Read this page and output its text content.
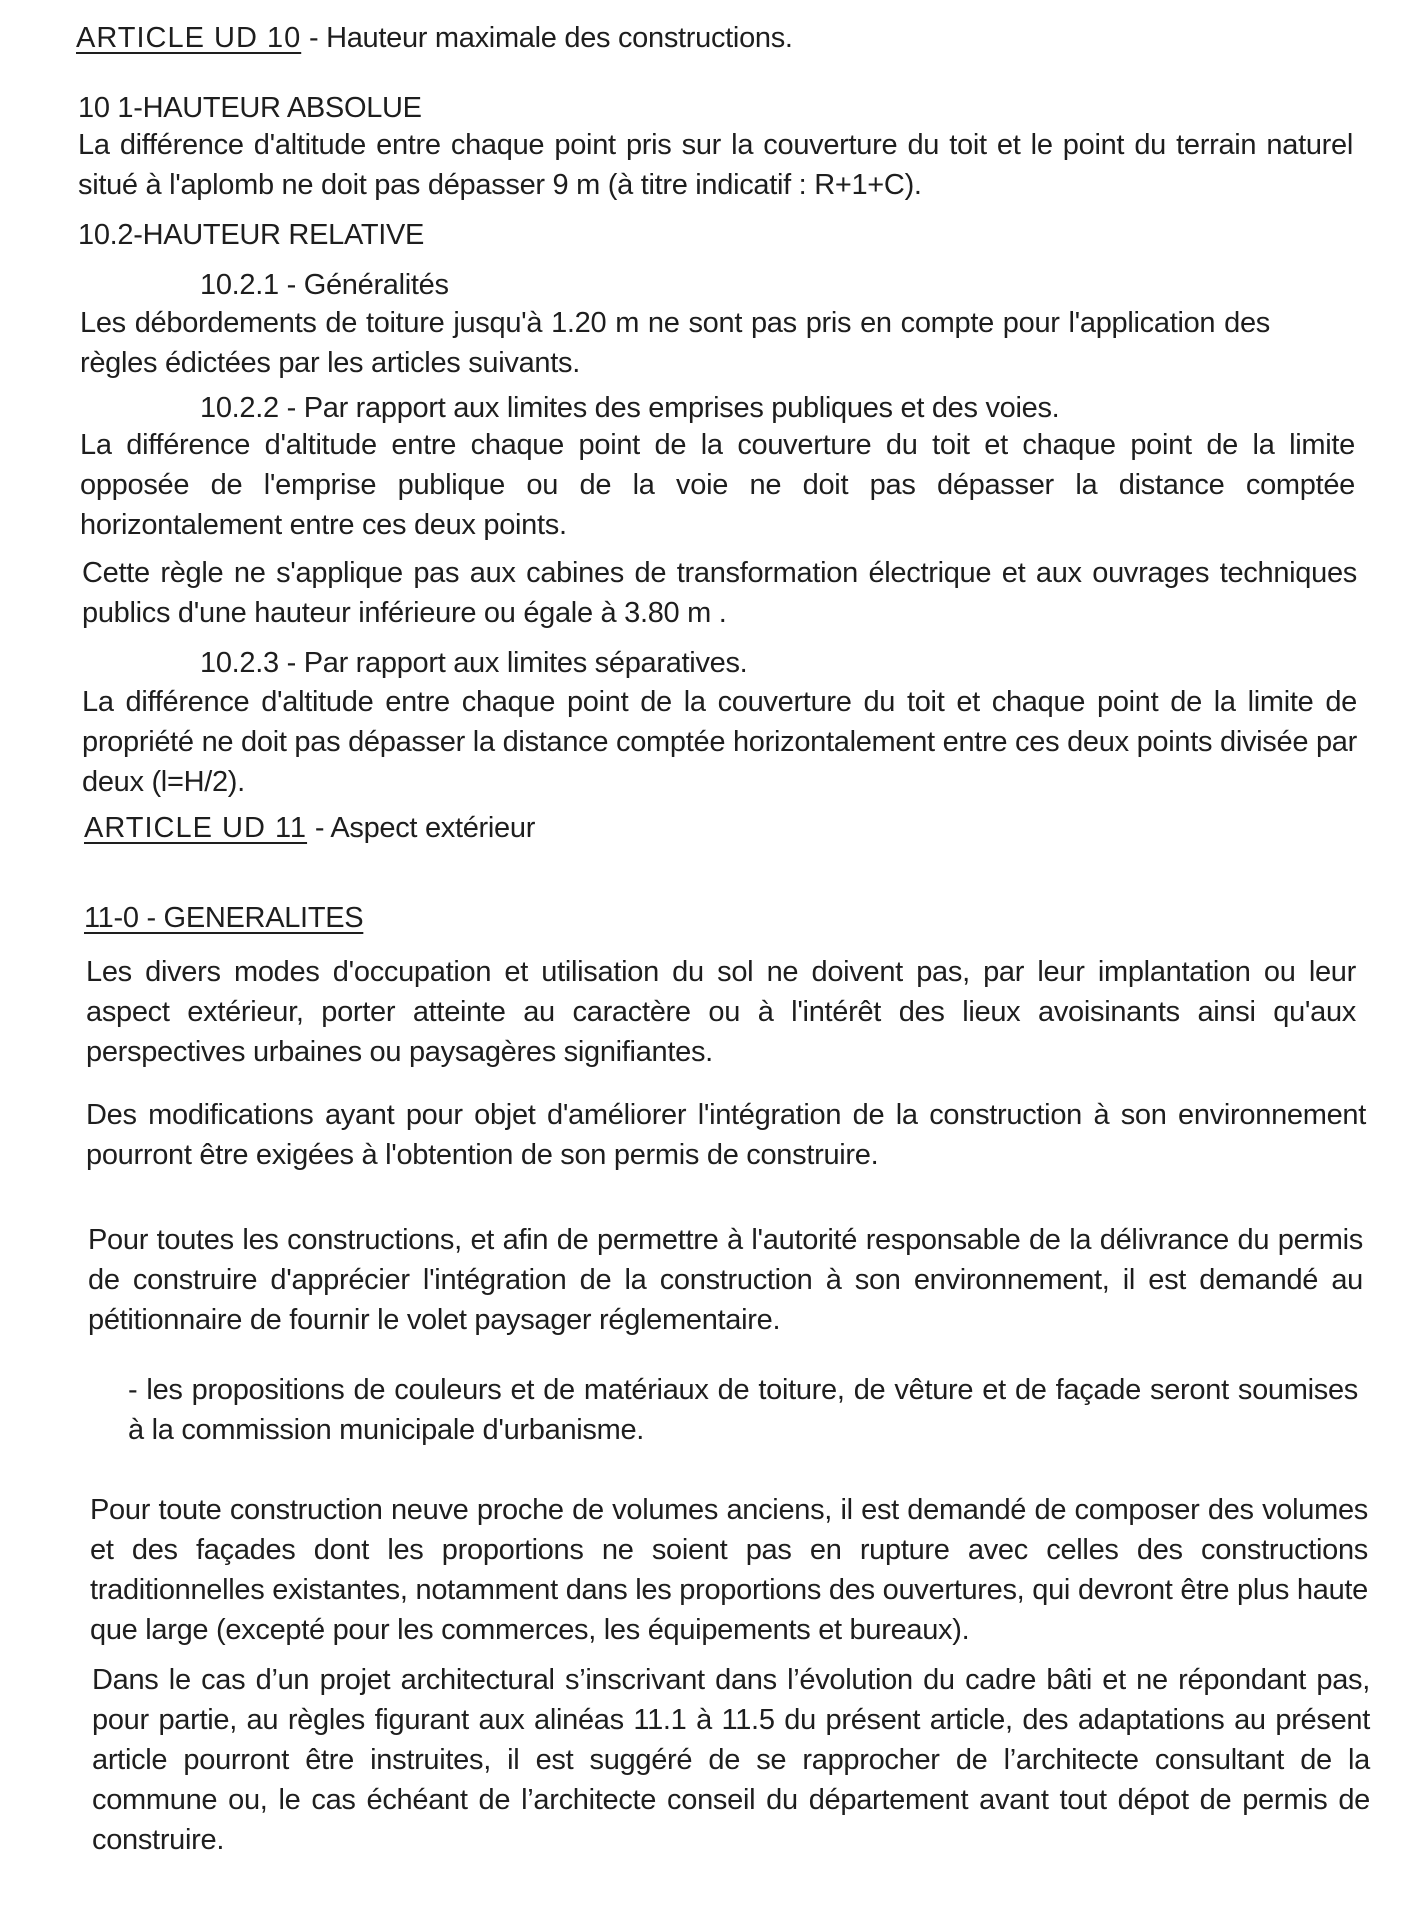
ARTICLE UD 10 - Hauteur maximale des constructions.
10 1-HAUTEUR ABSOLUE

La différence d'altitude entre chaque point pris sur la couverture du toit et le point du terrain naturel situé à l'aplomb ne doit pas dépasser 9 m (à titre indicatif : R+1+C).

10.2-HAUTEUR RELATIVE
10.2.1 - Généralités

Les débordements de toiture jusqu'à 1.20 m ne sont pas pris en compte pour l'application des règles édictées par les articles suivants.

10.2.2 - Par rapport aux limites des emprises publiques et des voies.

La différence d'altitude entre chaque point de la couverture du toit et chaque point de la limite opposée de l'emprise publique ou de la voie ne doit pas dépasser la distance comptée horizontalement entre ces deux points.

Cette règle ne s'applique pas aux cabines de transformation électrique et aux ouvrages techniques publics d'une hauteur inférieure ou égale à 3.80 m .

10.2.3 - Par rapport aux limites séparatives.

La différence d'altitude entre chaque point de la couverture du toit et chaque point de la limite de propriété ne doit pas dépasser la distance comptée horizontalement entre ces deux points divisée par deux (l=H/2).

ARTICLE UD 11 - Aspect extérieur
11-0 - GENERALITES

Les divers modes d'occupation et utilisation du sol ne doivent pas, par leur implantation ou leur aspect extérieur, porter atteinte au caractère ou à l'intérêt des lieux avoisinants ainsi qu'aux perspectives urbaines ou paysagères signifiantes.

Des modifications ayant pour objet d'améliorer l'intégration de la construction à son environnement pourront être exigées à l'obtention de son permis de construire.

Pour toutes les constructions, et afin de permettre à l'autorité responsable de la délivrance du permis de construire d'apprécier l'intégration de la construction à son environnement, il est demandé au pétitionnaire de fournir le volet paysager réglementaire.

- les propositions de couleurs et de matériaux de toiture, de vêture et de façade seront soumises à la commission municipale d'urbanisme.

Pour toute construction neuve proche de volumes anciens, il est demandé de composer des volumes et des façades dont les proportions ne soient pas en rupture avec celles des constructions traditionnelles existantes, notamment dans les proportions des ouvertures, qui devront être plus haute que large (excepté pour les commerces, les équipements et bureaux).

Dans le cas d’un projet architectural s’inscrivant dans l’évolution du cadre bâti et ne répondant pas, pour partie, au règles figurant aux alinéas 11.1 à 11.5 du présent article, des adaptations au présent article pourront être instruites, il est suggéré de se rapprocher de l’architecte consultant de la commune ou, le cas échéant de l’architecte conseil du département avant tout dépot de permis de construire.
